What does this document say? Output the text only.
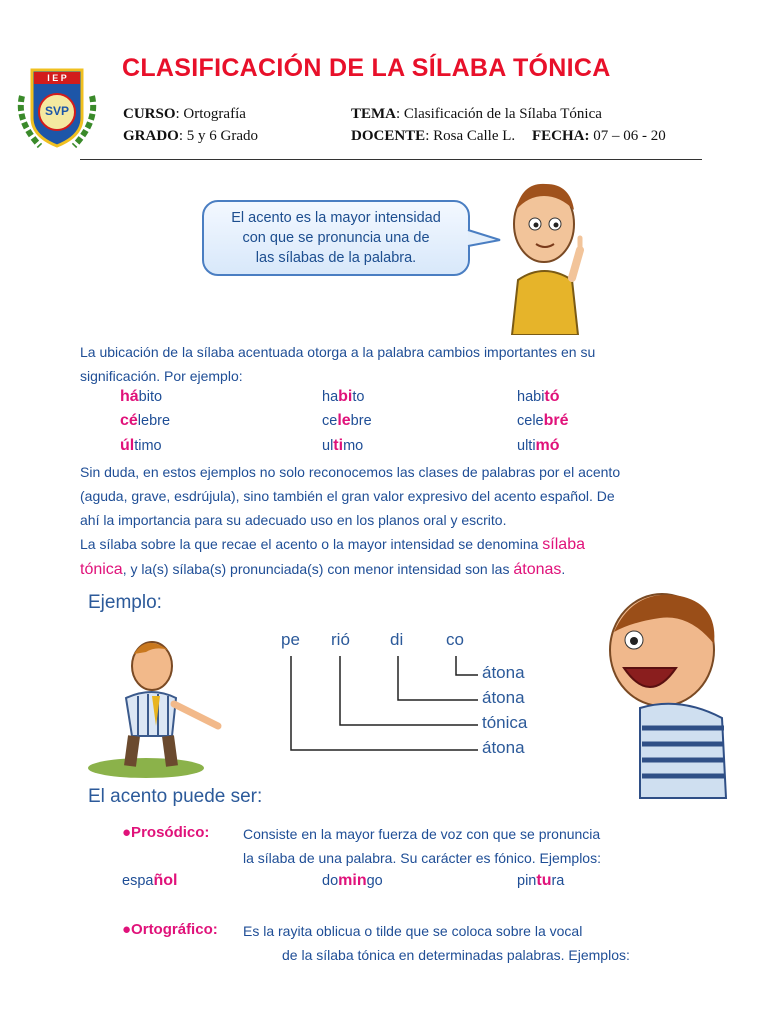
I E P
SVP
CLASIFICACIÓN DE LA SÍLABA TÓNICA
CURSO: Ortografía	TEMA: Clasificación de la Sílaba Tónica
GRADO: 5 y 6 Grado	DOCENTE: Rosa Calle L. FECHA: 07 – 06 - 20
El acento es la mayor intensidad
con que se pronuncia una de
las sílabas de la palabra.
La ubicación de la sílaba acentuada otorga a la palabra cambios importantes en su
significación. Por ejemplo:
hábito	habito	habitó
célebre	celebre	celebré
último	ultimo	ultimó
Sin duda, en estos ejemplos no solo reconocemos las clases de palabras por el acento
(aguda, grave, esdrújula), sino también el gran valor expresivo del acento español. De
ahí la importancia para su adecuado uso en los planos oral y escrito.
La sílaba sobre la que recae el acento o la mayor intensidad se denomina sílaba
tónica, y la(s) sílaba(s) pronunciada(s) con menor intensidad son las átonas.
Ejemplo:
pe rió di	co
átona
átona
tónica
átona
El acento puede ser:
●Prosódico: Consiste en la mayor fuerza de voz con que se pronuncia
la sílaba de una palabra. Su carácter es fónico. Ejemplos:
español	domingo	pintura
●Ortográfico: Es la rayita oblicua o tilde que se coloca sobre la vocal
de la sílaba tónica en determinadas palabras. Ejemplos:
